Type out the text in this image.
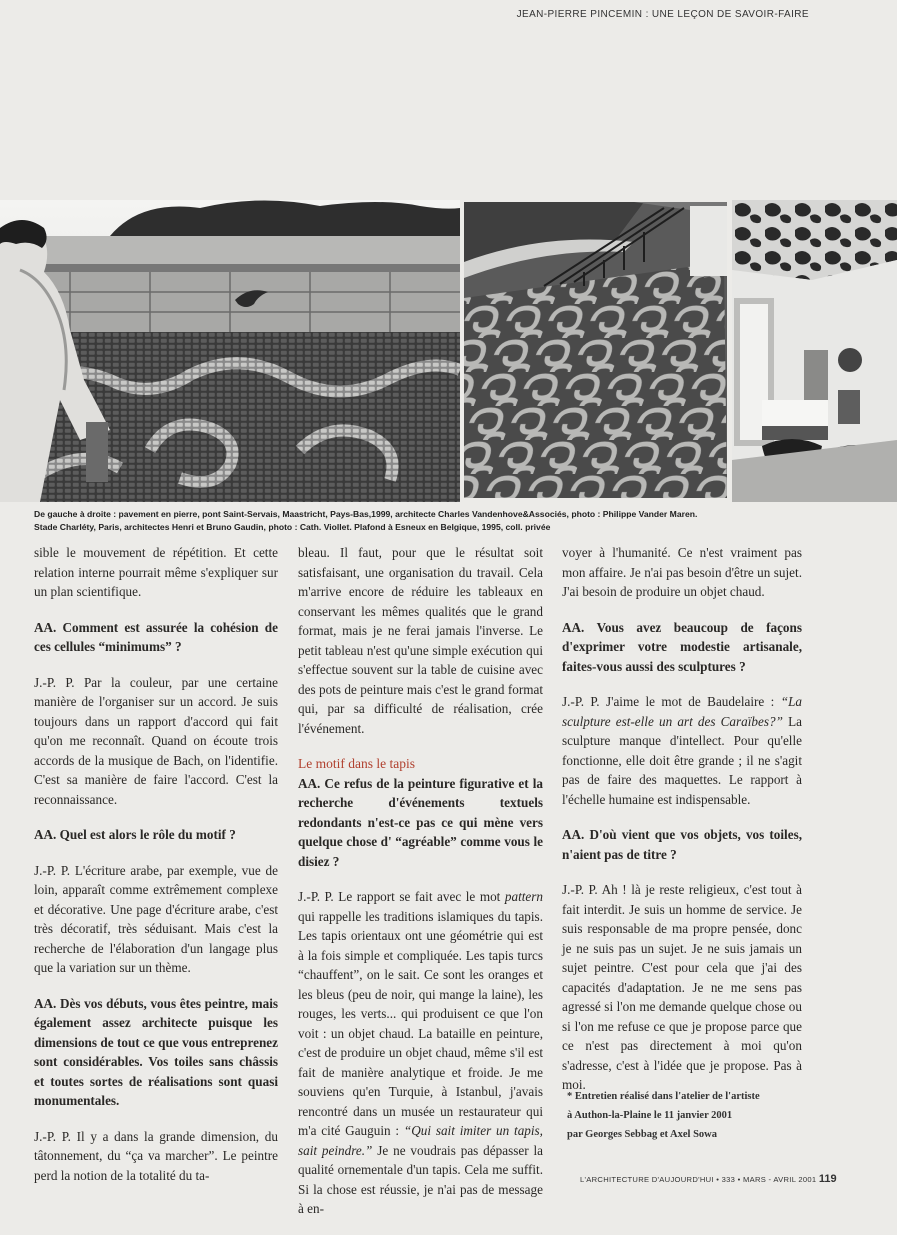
JEAN-PIERRE PINCEMIN : UNE LEÇON DE SAVOIR-FAIRE
De gauche à droite : pavement en pierre, pont Saint-Servais, Maastricht, Pays-Bas,1999, architecte Charles Vandenhove&Associés, photo : Philippe Vander Maren.
Stade Charléty, Paris, architectes Henri et Bruno Gaudin, photo : Cath. Viollet. Plafond à Esneux en Belgique, 1995, coll. privée

sible le mouvement de répétition. Et cette relation interne pourrait même s'expliquer sur un plan scientifique.

AA. Comment est assurée la cohésion de ces cellules “minimums” ?

J.-P. P. Par la couleur, par une certaine manière de l'organiser sur un accord. Je suis toujours dans un rapport d'accord qui fait qu'on me reconnaît. Quand on écoute trois accords de la musique de Bach, on l'identifie. C'est sa manière de faire l'accord. C'est la reconnaissance.

AA. Quel est alors le rôle du motif ?

J.-P. P. L'écriture arabe, par exemple, vue de loin, apparaît comme extrêmement complexe et décorative. Une page d'écriture arabe, c'est très décoratif, très séduisant. Mais c'est la recherche de l'élaboration d'un langage plus que la variation sur un thème.

AA. Dès vos débuts, vous êtes peintre, mais également assez architecte puisque les dimensions de tout ce que vous entreprenez sont considérables. Vos toiles sans châssis et toutes sortes de réalisations sont quasi monumentales.

J.-P. P. Il y a dans la grande dimension, du tâtonnement, du “ça va marcher”. Le peintre perd la notion de la totalité du ta-

bleau. Il faut, pour que le résultat soit satisfaisant, une organisation du travail. Cela m'arrive encore de réduire les tableaux en conservant les mêmes qualités que le grand format, mais je ne ferai jamais l'inverse. Le petit tableau n'est qu'une simple exécution qui s'effectue souvent sur la table de cuisine avec des pots de peinture mais c'est le grand format qui, par sa difficulté de réalisation, crée l'événement.

Le motif dans le tapis

AA. Ce refus de la peinture figurative et la recherche d'événements textuels redondants n'est-ce pas ce qui mène vers quelque chose d' “agréable” comme vous le disiez ?

J.-P. P. Le rapport se fait avec le mot pattern qui rappelle les traditions islamiques du tapis. Les tapis orientaux ont une géométrie qui est à la fois simple et compliquée. Les tapis turcs “chauffent”, on le sait. Ce sont les oranges et les bleus (peu de noir, qui mange la laine), les rouges, les verts... qui produisent ce que l'on voit : un objet chaud. La bataille en peinture, c'est de produire un objet chaud, même s'il est fait de manière analytique et froide. Je me souviens qu'en Turquie, à Istanbul, j'avais rencontré dans un musée un restaurateur qui m'a cité Gauguin : “Qui sait imiter un tapis, sait peindre.” Je ne voudrais pas dépasser la qualité ornementale d'un tapis. Cela me suffit. Si la chose est réussie, je n'ai pas de message à en-

voyer à l'humanité. Ce n'est vraiment pas mon affaire. Je n'ai pas besoin d'être un sujet. J'ai besoin de produire un objet chaud.

AA. Vous avez beaucoup de façons d'exprimer votre modestie artisanale, faites-vous aussi des sculptures ?

J.-P. P. J'aime le mot de Baudelaire : “La sculpture est-elle un art des Caraïbes?” La sculpture manque d'intellect. Pour qu'elle fonctionne, elle doit être grande ; il ne s'agit pas de faire des maquettes. Le rapport à l'échelle humaine est indispensable.

AA. D'où vient que vos objets, vos toiles, n'aient pas de titre ?

J.-P. P. Ah ! là je reste religieux, c'est tout à fait interdit. Je suis un homme de service. Je suis responsable de ma propre pensée, donc je ne suis pas un sujet. Je ne suis jamais un sujet peintre. C'est pour cela que j'ai des capacités d'adaptation. Je ne me sens pas agressé si l'on me demande quelque chose ou si l'on me refuse ce que je propose parce que ce n'est pas directement à moi qu'on s'adresse, c'est à l'idée que je propose. Pas à moi.

* Entretien réalisé dans l'atelier de l'artiste
à Authon-la-Plaine le 11 janvier 2001
par Georges Sebbag et Axel Sowa
L'ARCHITECTURE D'AUJOURD'HUI • 333 • MARS - AVRIL 2001 119
